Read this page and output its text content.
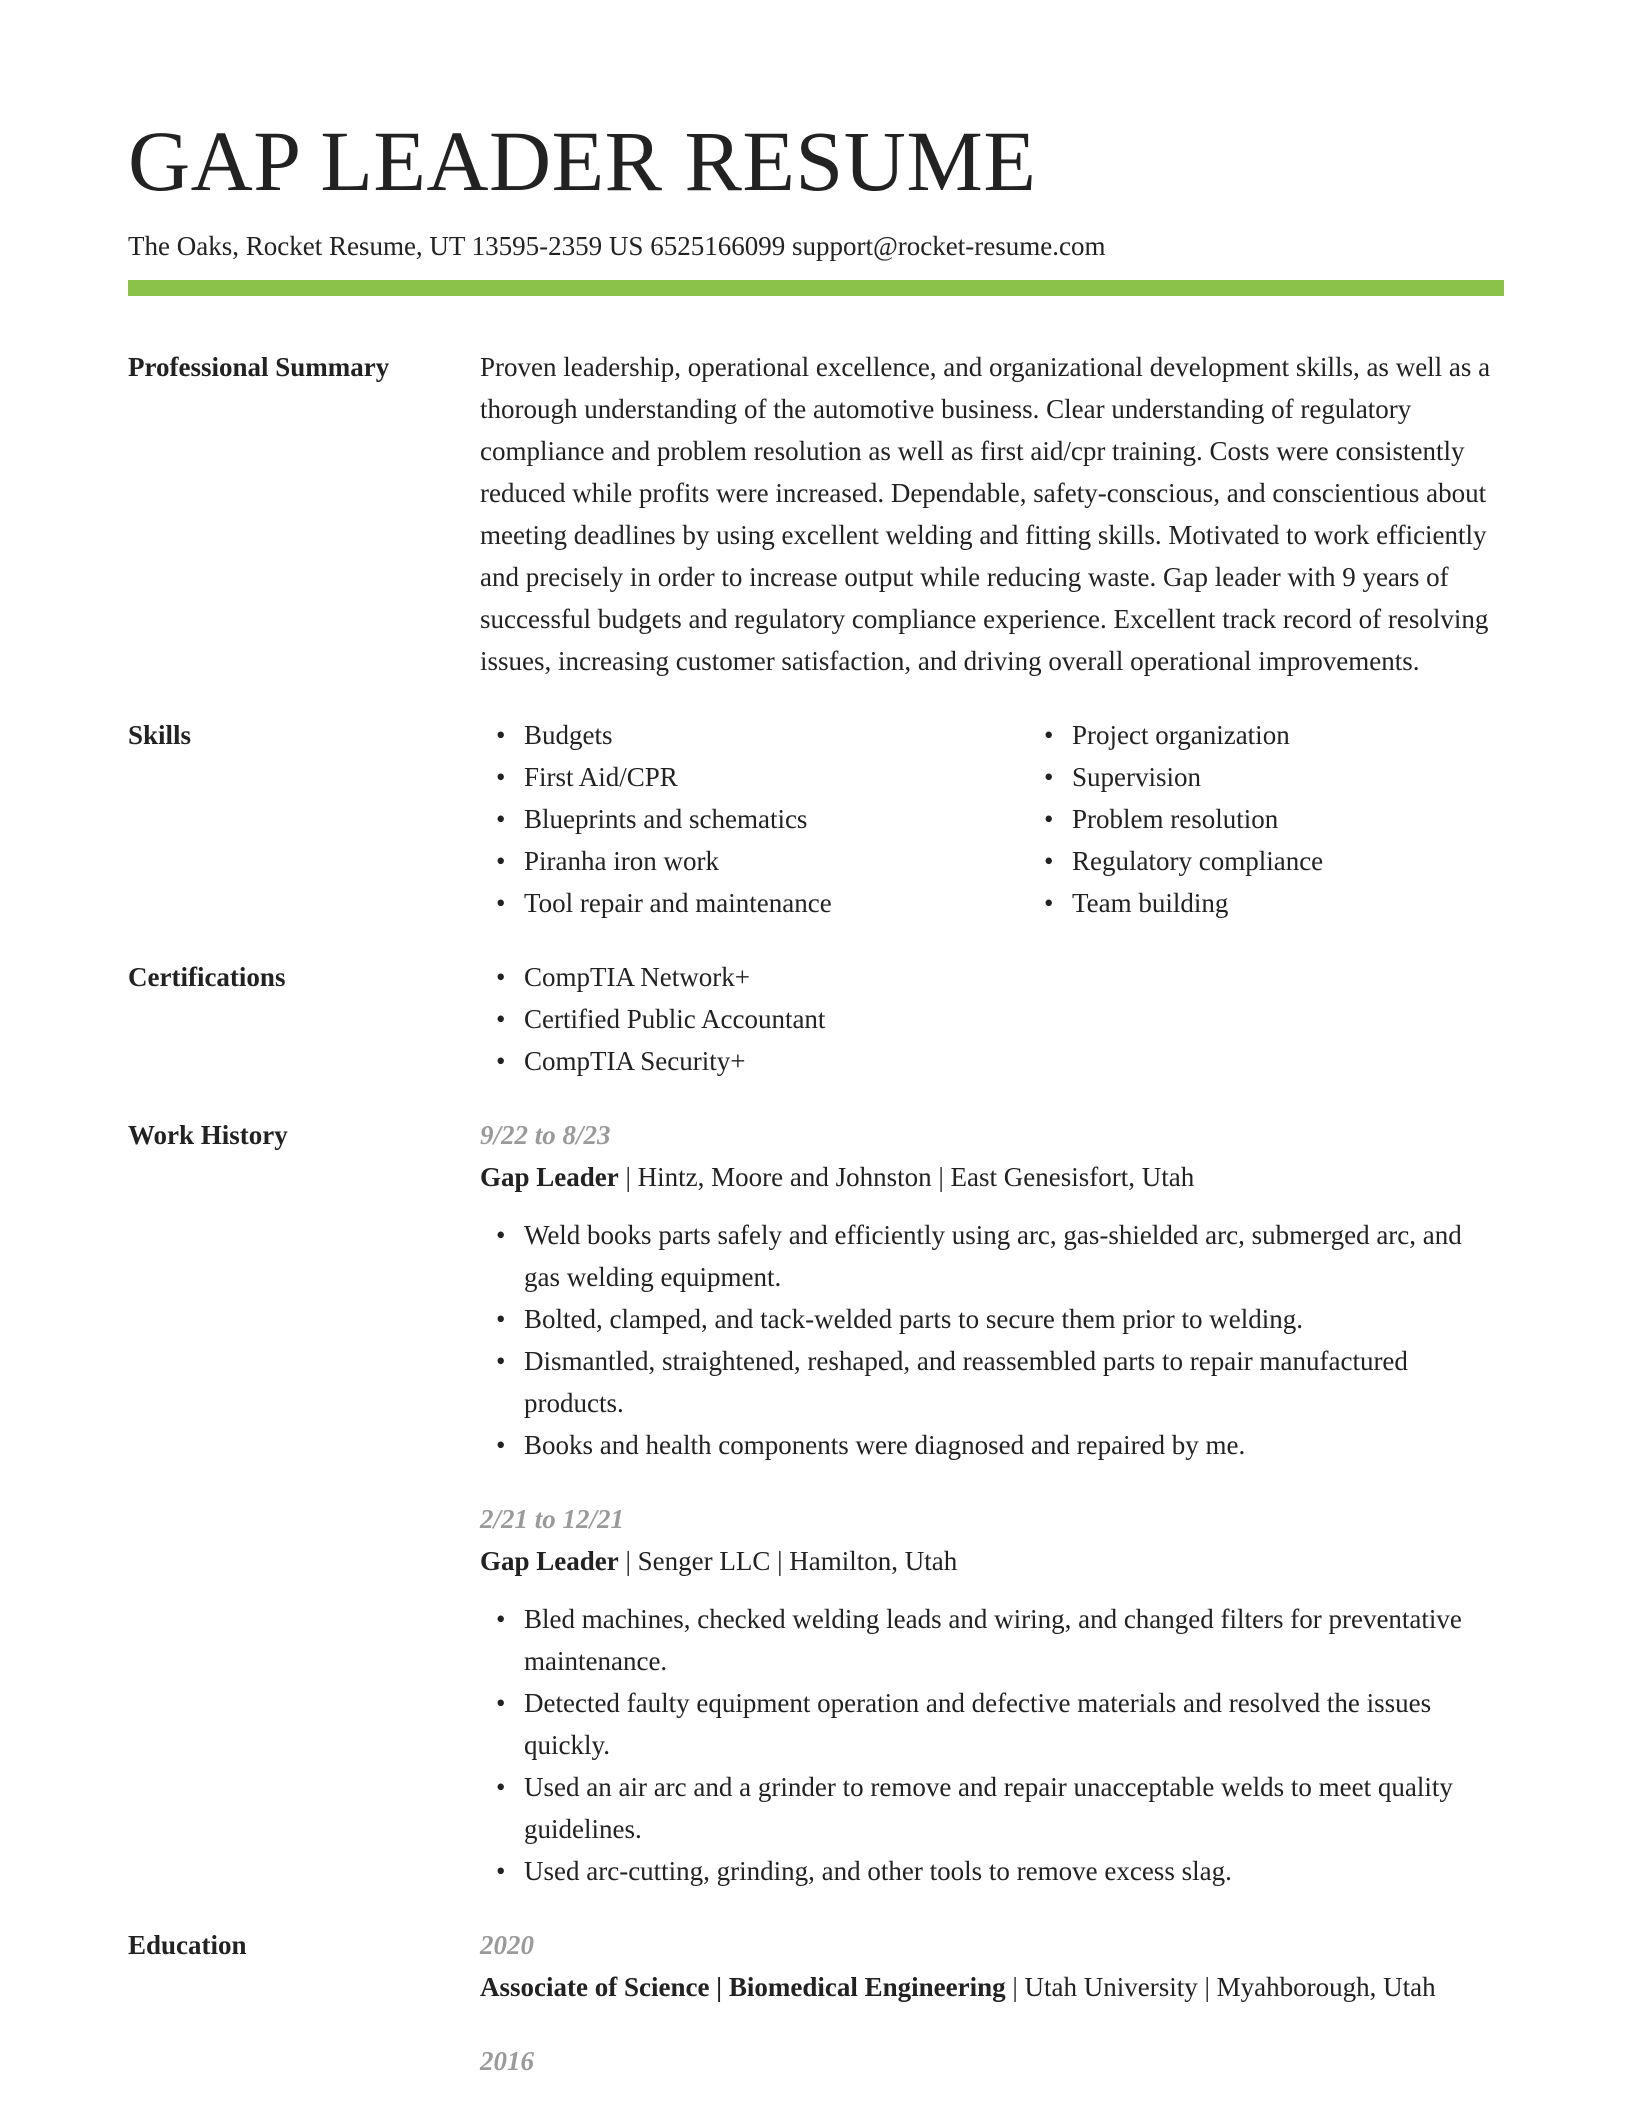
GAP LEADER RESUME
The Oaks, Rocket Resume, UT 13595-2359 US 6525166099 support@rocket-resume.com
Professional Summary	Proven leadership, operational excellence, and organizational development skills, as well as a thorough understanding of the automotive business. Clear understanding of regulatory compliance and problem resolution as well as first aid/cpr training. Costs were consistently reduced while profits were increased. Dependable, safety-conscious, and conscientious about meeting deadlines by using excellent welding and fitting skills. Motivated to work efficiently and precisely in order to increase output while reducing waste. Gap leader with 9 years of successful budgets and regulatory compliance experience. Excellent track record of resolving issues, increasing customer satisfaction, and driving overall operational improvements.
Skills	• Budgets
• First Aid/CPR
• Blueprints and schematics
• Piranha iron work
• Tool repair and maintenance
• Project organization
• Supervision
• Problem resolution
• Regulatory compliance
• Team building
Certifications	• CompTIA Network+
• Certified Public Accountant
• CompTIA Security+
Work History	9/22 to 8/23
Gap Leader | Hintz, Moore and Johnston | East Genesisfort, Utah
• Weld books parts safely and efficiently using arc, gas-shielded arc, submerged arc, and gas welding equipment.
• Bolted, clamped, and tack-welded parts to secure them prior to welding.
• Dismantled, straightened, reshaped, and reassembled parts to repair manufactured products.
• Books and health components were diagnosed and repaired by me.
2/21 to 12/21
Gap Leader | Senger LLC | Hamilton, Utah
• Bled machines, checked welding leads and wiring, and changed filters for preventative maintenance.
• Detected faulty equipment operation and defective materials and resolved the issues quickly.
• Used an air arc and a grinder to remove and repair unacceptable welds to meet quality guidelines.
• Used arc-cutting, grinding, and other tools to remove excess slag.
Education	2020
Associate of Science | Biomedical Engineering | Utah University | Myahborough, Utah
2016
